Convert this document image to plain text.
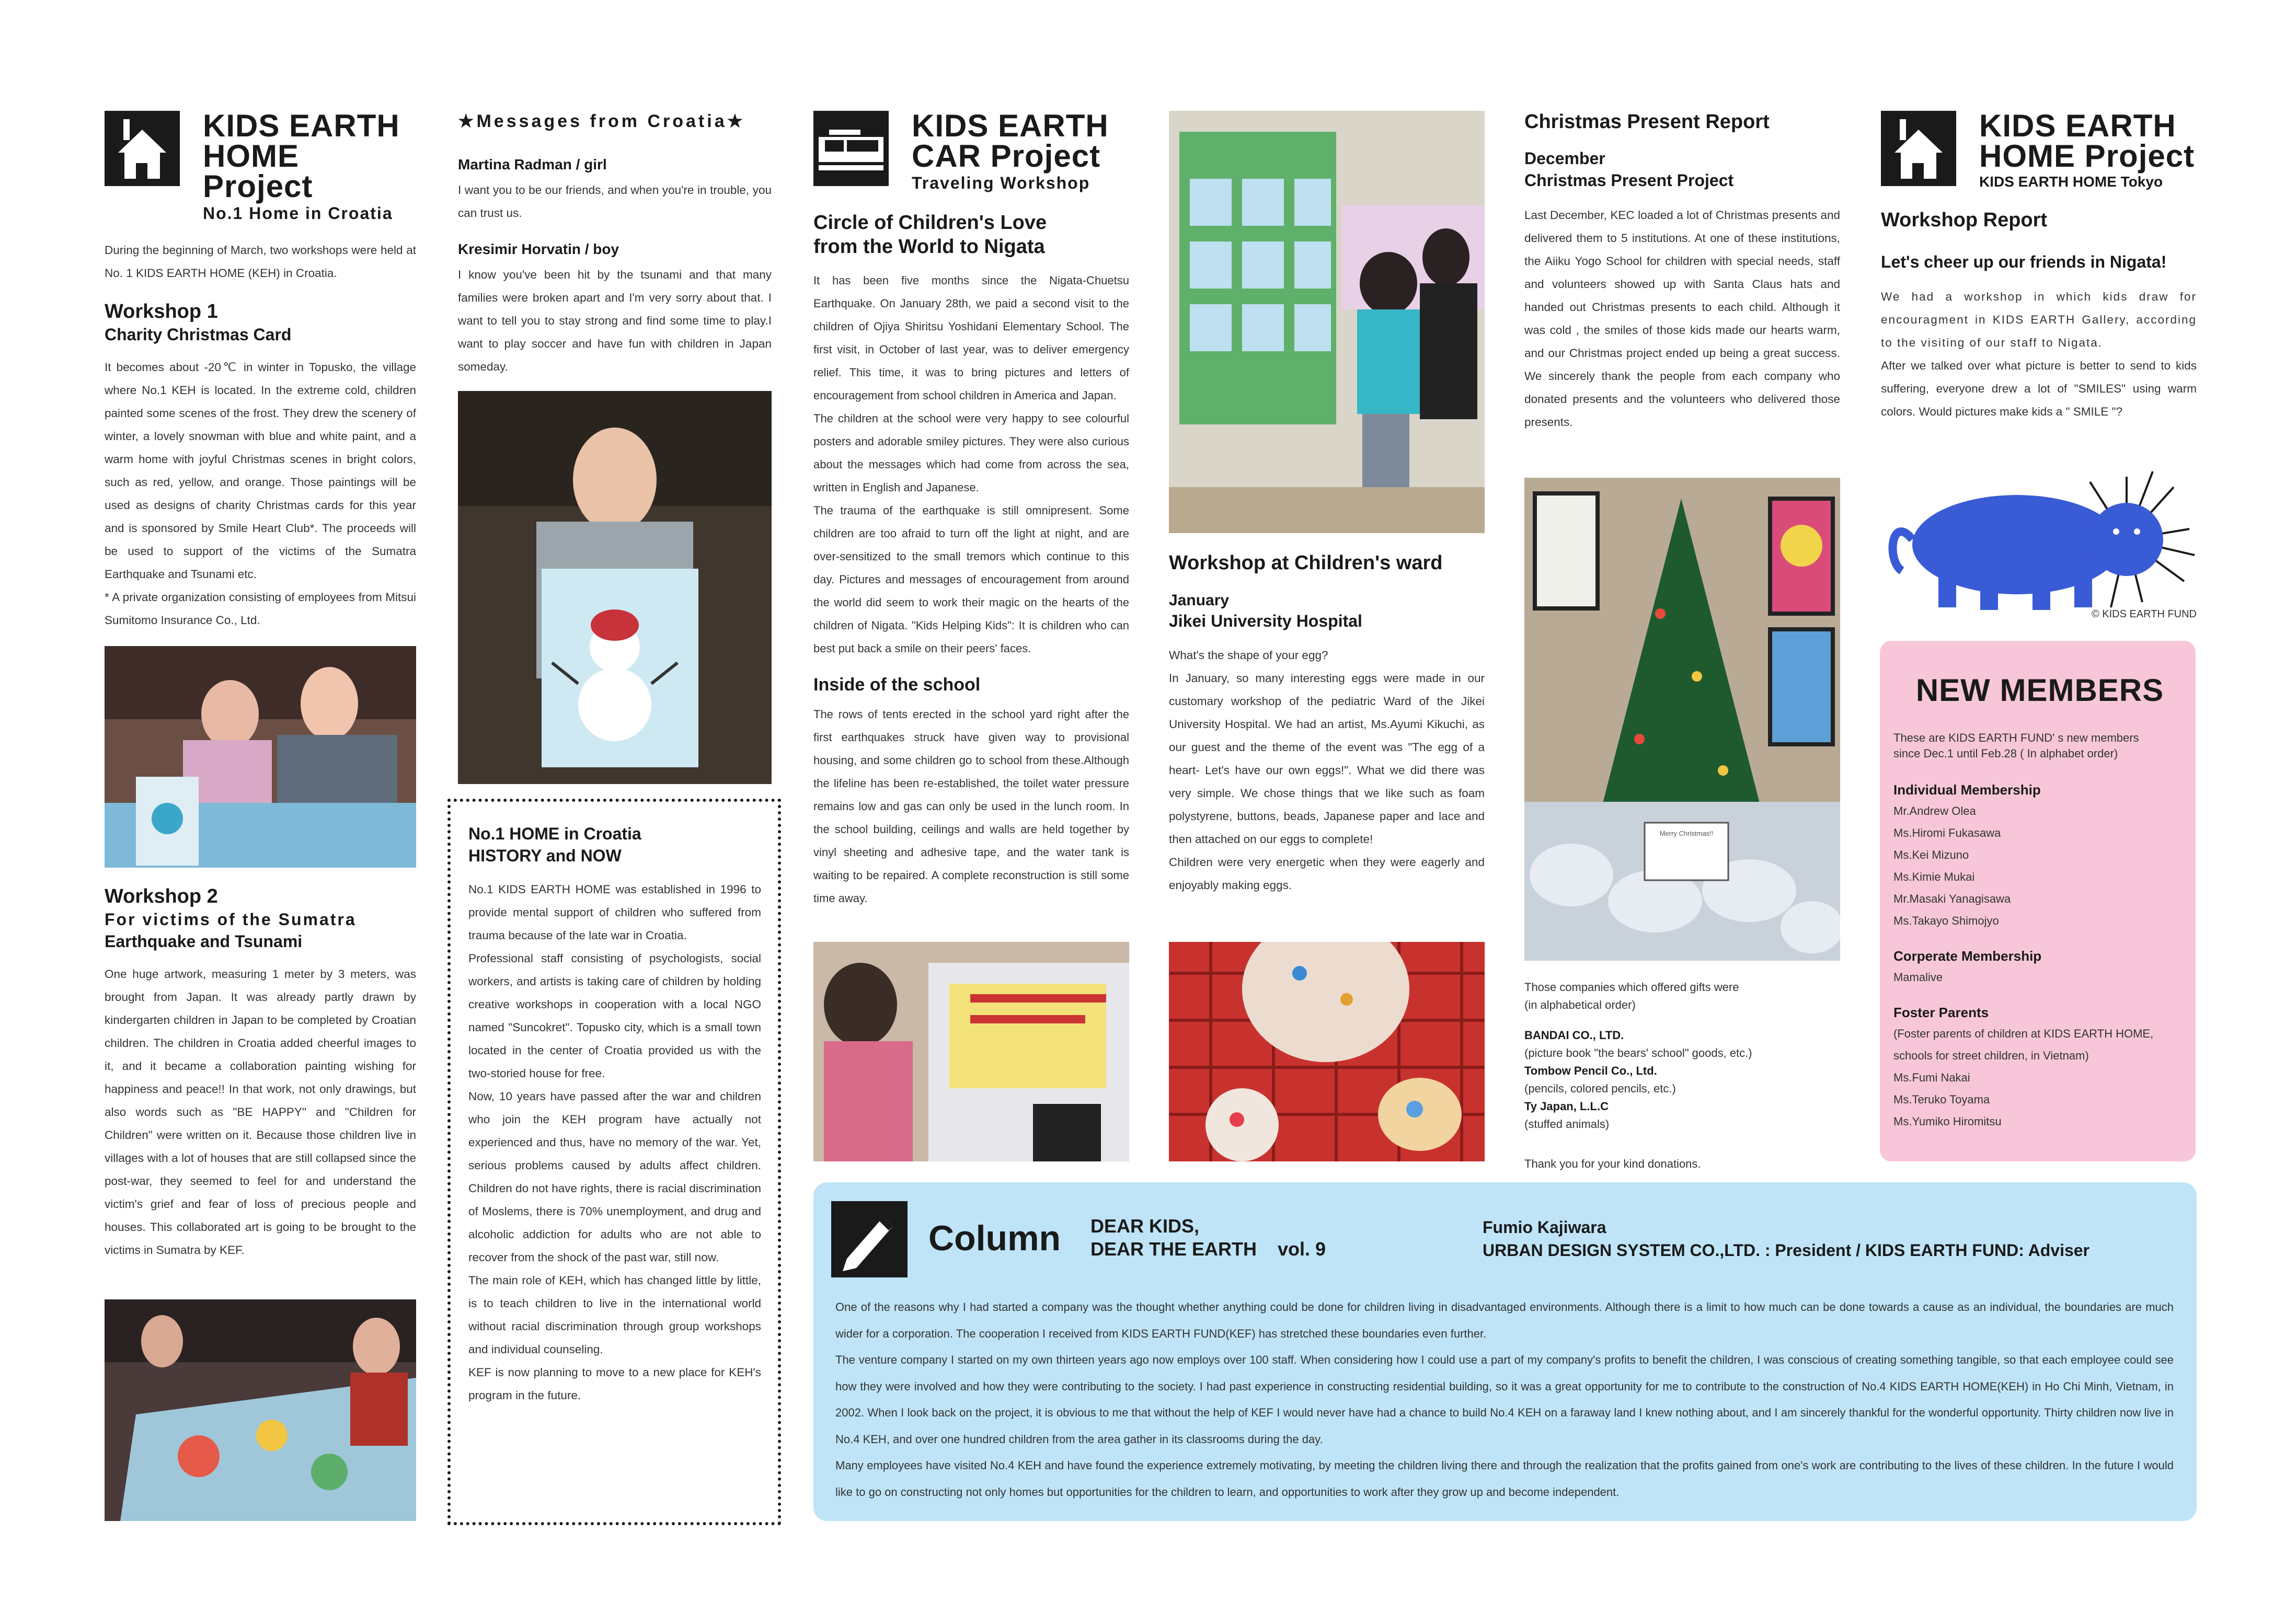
KIDS EARTH
HOME Project
No.1 Home in Croatia
During the beginning of March, two workshops were held at No. 1 KIDS EARTH HOME (KEH) in Croatia.
Workshop 1
Charity Christmas Card
It becomes about -20℃ in winter in Topusko, the village where No.1 KEH is located. In the extreme cold, children painted some scenes of the frost. They drew the scenery of winter, a lovely snowman with blue and white paint, and a warm home with joyful Christmas scenes in bright colors, such as red, yellow, and orange. Those paintings will be used as designs of charity Christmas cards for this year and is sponsored by Smile Heart Club*. The proceeds will be used to support of the victims of the Sumatra Earthquake and Tsunami etc.
* A private organization consisting of employees from Mitsui Sumitomo Insurance Co., Ltd.
Workshop 2
For victims of the Sumatra
Earthquake and Tsunami
One huge artwork, measuring 1 meter by 3 meters, was brought from Japan. It was already partly drawn by kindergarten children in Japan to be completed by Croatian children. The children in Croatia added cheerful images to it, and it became a collaboration painting wishing for happiness and peace!! In that work, not only drawings, but also words such as "BE HAPPY" and "Children for Children" were written on it. Because those children live in villages with a lot of houses that are still collapsed since the post-war, they seemed to feel for and understand the victim's grief and fear of loss of precious people and houses. This collaborated art is going to be brought to the victims in Sumatra by KEF.
★Messages from Croatia★
Martina Radman / girl
I want you to be our friends, and when you're in trouble, you can trust us.
Kresimir Horvatin / boy
I know you've been hit by the tsunami and that many families were broken apart and I'm very sorry about that. I want to tell you to stay strong and find some time to play.I want to play soccer and have fun with children in Japan someday.
No.1 HOME in Croatia
HISTORY and NOW

No.1 KIDS EARTH HOME was established in 1996 to provide mental support of children who suffered from trauma because of the late war in Croatia.

Professional staff consisting of psychologists, social workers, and artists is taking care of children by holding creative workshops in cooperation with a local NGO named "Suncokret". Topusko city, which is a small town located in the center of Croatia provided us with the two-storied house for free.

Now, 10 years have passed after the war and children who join the KEH program have actually not experienced and thus, have no memory of the war. Yet, serious problems caused by adults affect children. Children do not have rights, there is racial discrimination of Moslems, there is 70% unemployment, and drug and alcoholic addiction for adults who are not able to recover from the shock of the past war, still now.

The main role of KEH, which has changed little by little, is to teach children to live in the international world without racial discrimination through group workshops and individual counseling.

KEF is now planning to move to a new place for KEH's program in the future.

KIDS EARTH
CAR Project
Traveling Workshop
Circle of Children's Love
from the World to Nigata

It has been five months since the Nigata-Chuetsu Earthquake. On January 28th, we paid a second visit to the children of Ojiya Shiritsu Yoshidani Elementary School. The first visit, in October of last year, was to deliver emergency relief. This time, it was to bring pictures and letters of encouragement from school children in America and Japan.

The children at the school were very happy to see colourful posters and adorable smiley pictures. They were also curious about the messages which had come from across the sea, written in English and Japanese.

The trauma of the earthquake is still omnipresent. Some children are too afraid to turn off the light at night, and are over-sensitized to the small tremors which continue to this day. Pictures and messages of encouragement from around the world did seem to work their magic on the hearts of the children of Nigata. "Kids Helping Kids": It is children who can best put back a smile on their peers' faces.

Inside of the school
The rows of tents erected in the school yard right after the first earthquakes struck have given way to provisional housing, and some children go to school from these.Although the lifeline has been re-established, the toilet water pressure remains low and gas can only be used in the lunch room. In the school building, ceilings and walls are held together by vinyl sheeting and adhesive tape, and the water tank is waiting to be repaired. A complete reconstruction is still some time away.
Workshop at Children's ward
January
Jikei University Hospital

What's the shape of your egg?

In January, so many interesting eggs were made in our customary workshop of the pediatric Ward of the Jikei University Hospital. We had an artist, Ms.Ayumi Kikuchi, as our guest and the theme of the event was "The egg of a heart- Let's have our own eggs!". What we did there was very simple. We chose things that we like such as foam polystyrene, buttons, beads, Japanese paper and lace and then attached on our eggs to complete!

Children were very energetic when they were eagerly and enjoyably making eggs.

Christmas Present Report
December
Christmas Present Project
Last December, KEC loaded a lot of Christmas presents and delivered them to 5 institutions. At one of these institutions, the Aiiku Yogo School for children with special needs, staff and volunteers showed up with Santa Claus hats and handed out Christmas presents to each child. Although it was cold , the smiles of those kids made our hearts warm, and our Christmas project ended up being a great success. We sincerely thank the people from each company who donated presents and the volunteers who delivered those presents.
Merry Christmas!!
Those companies which offered gifts were
(in alphabetical order)
BANDAI CO., LTD.
(picture book "the bears' school" goods, etc.)
Tombow Pencil Co., Ltd.
(pencils, colored pencils, etc.)
Ty Japan, L.L.C
(stuffed animals)
Thank you for your kind donations.
KIDS EARTH
HOME Project
KIDS EARTH HOME Tokyo
Workshop Report
Let's cheer up our friends in Nigata!

We had a workshop in which kids draw for encouragment in KIDS EARTH Gallery, according to the visiting of our staff to Nigata.

After we talked over what picture is better to send to kids suffering, everyone drew a lot of "SMILES" using warm colors. Would pictures make kids a " SMILE "?

© KIDS EARTH FUND
NEW MEMBERS
These are KIDS EARTH FUND' s new members
since Dec.1 until Feb.28 ( In alphabet order)
Individual Membership
Mr.Andrew Olea
Ms.Hiromi Fukasawa
Ms.Kei Mizuno
Ms.Kimie Mukai
Mr.Masaki Yanagisawa
Ms.Takayo Shimojyo
Corperate Membership
Mamalive
Foster Parents
(Foster parents of children at KIDS EARTH HOME,
schools for street children, in Vietnam)
Ms.Fumi Nakai
Ms.Teruko Toyama
Ms.Yumiko Hiromitsu
Column DEAR KIDS,
DEAR THE EARTH vol. 9
Fumio Kajiwara
URBAN DESIGN SYSTEM CO.,LTD. : President / KIDS EARTH FUND: Adviser

One of the reasons why I had started a company was the thought whether anything could be done for children living in disadvantaged environments. Although there is a limit to how much can be done towards a cause as an individual, the boundaries are much wider for a corporation. The cooperation I received from KIDS EARTH FUND(KEF) has stretched these boundaries even further.

The venture company I started on my own thirteen years ago now employs over 100 staff. When considering how I could use a part of my company's profits to benefit the children, I was conscious of creating something tangible, so that each employee could see how they were involved and how they were contributing to the society. I had past experience in constructing residential building, so it was a great opportunity for me to contribute to the construction of No.4 KIDS EARTH HOME(KEH) in Ho Chi Minh, Vietnam, in 2002. When I look back on the project, it is obvious to me that without the help of KEF I would never have had a chance to build No.4 KEH on a faraway land I knew nothing about, and I am sincerely thankful for the wonderful opportunity. Thirty children now live in No.4 KEH, and over one hundred children from the area gather in its classrooms during the day.

Many employees have visited No.4 KEH and have found the experience extremely motivating, by meeting the children living there and through the realization that the profits gained from one's work are contributing to the lives of these children. In the future I would like to go on constructing not only homes but opportunities for the children to learn, and opportunities to work after they grow up and become independent.
